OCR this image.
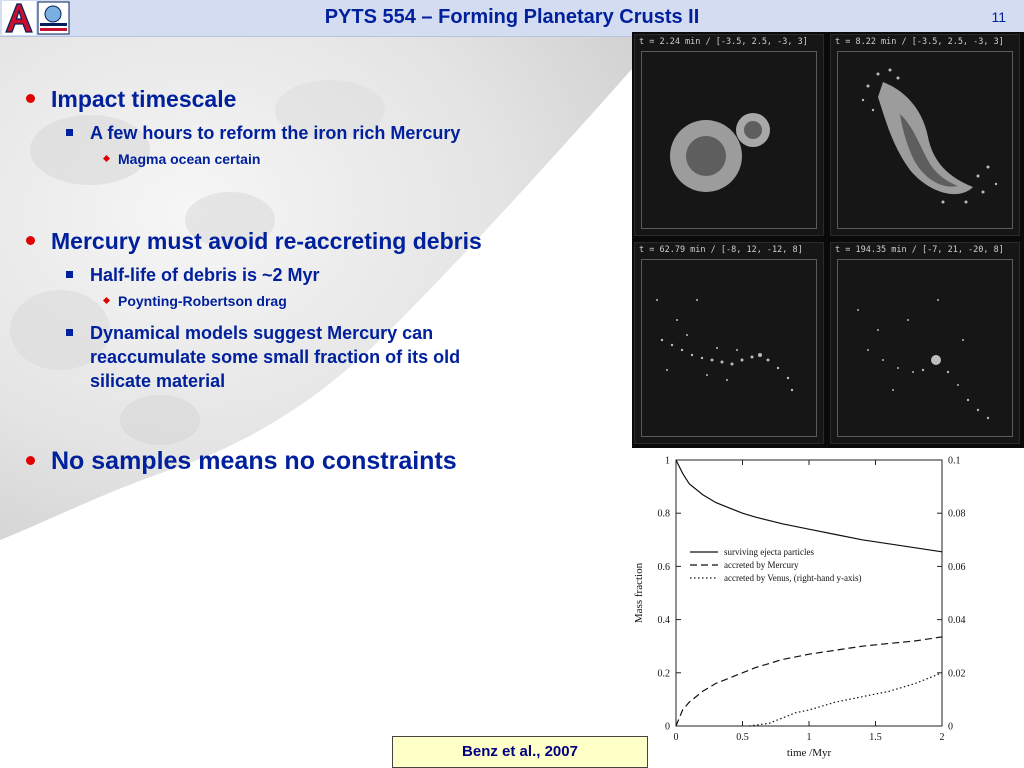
PYTS 554 – Forming Planetary Crusts II	11
Impact timescale
A few hours to reform the iron rich Mercury
Magma ocean certain
Mercury must avoid re-accreting debris
Half-life of debris is ~2 Myr
Poynting-Robertson drag
Dynamical models suggest Mercury can
reaccumulate some small fraction of its old
silicate material
No samples means no constraints
t = 2.24 min / [-3.5, 2.5, -3, 3]	t = 8.22 min / [-3.5, 2.5, -3, 3]
t = 62.79 min / [-8, 12, -12, 8]	t = 194.35 min / [-7, 21, -20, 8]
0	0.5	1	1.5	2
0
0.2
0.4
0.6
0.8
1
0
0.02
0.04
0.06
0.08
0.1
time /Myr
Mass fraction
surviving ejecta particles
accreted by Mercury
accreted by Venus, (right-hand y-axis)
Benz et al., 2007
